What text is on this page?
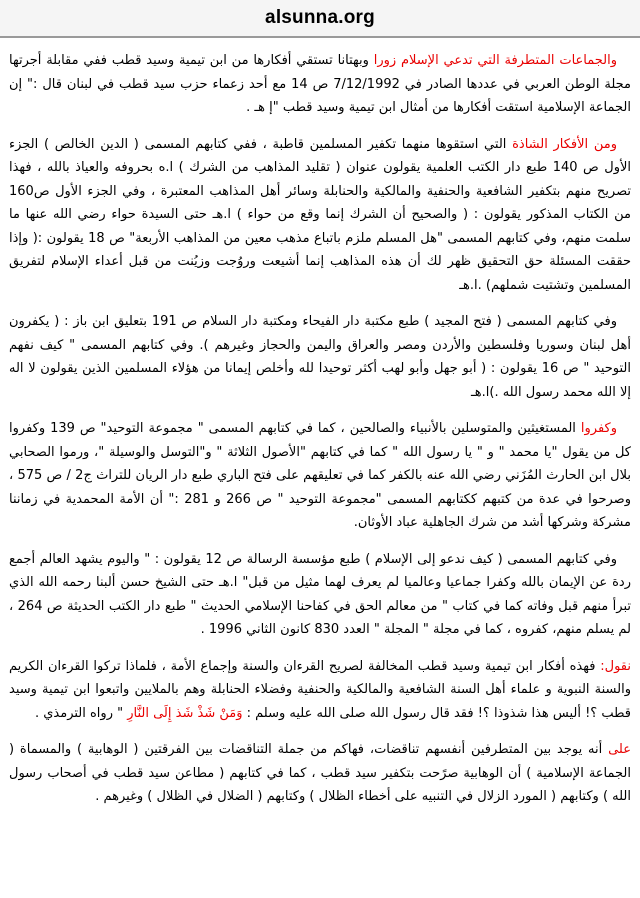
alsunna.org

والجماعات المتطرفة التي تدعي الإسلام زورا وبهتانا تستقي أفكارها من ابن تيمية وسيد قطب ففي مقابلة أجرتها مجلة الوطن العربي في عددها الصادر في 7/12/1992 ص 14 مع أحد زعماء حزب سيد قطب في لبنان قال :" إن الجماعة الإسلامية استقت أفكارها من أمثال ابن تيمية وسيد قطب "إ هـ .

ومن الأفكار الشاذة التي استقوها منهما تكفير المسلمين قاطبة ، ففي كتابهم المسمى ( الدين الخالص ) الجزء الأول ص 140 طبع دار الكتب العلمية يقولون عنوان ( تقليد المذاهب من الشرك ) ا.ه بحروفه والعياذ بالله ، فهذا تصريح منهم بتكفير الشافعية والحنفية والمالكية والحنابلة وسائر أهل المذاهب المعتبرة ، وفي الجزء الأول ص160 من الكتاب المذكور يقولون : ( والصحيح أن الشرك إنما وقع من حواء ) ا.هـ حتى السيدة حواء رضي الله عنها ما سلمت منهم، وفي كتابهم المسمى "هل المسلم ملزم باتباع مذهب معين من المذاهب الأربعة" ص 18 يقولون :( وإذا حققت المسئلة حق التحقيق ظهر لك أن هذه المذاهب إنما أشيعت وروُجت وزيُنت من قبل أعداء الإسلام لتفريق المسلمين وتشتيت شملهم) .ا.هـ

وفي كتابهم المسمى ( فتح المجيد ) طبع مكتبة دار الفيحاء ومكتبة دار السلام ص 191 بتعليق ابن باز : ( يكفرون أهل لبنان وسوريا وفلسطين والأردن ومصر والعراق واليمن والحجاز وغيرهم ). وفي كتابهم المسمى " كيف نفهم التوحيد " ص 16 يقولون : ( أبو جهل وأبو لهب أكثر توحيدا لله وأخلص إيمانا من هؤلاء المسلمين الذين يقولون لا اله إلا الله محمد رسول الله .)ا.هـ

وكفروا المستغيثين والمتوسلين بالأنبياء والصالحين ، كما في كتابهم المسمى " مجموعة التوحيد" ص 139 وكفروا كل من يقول "يا محمد " و " يا رسول الله " كما في كتابهم "الأصول الثلاثة " و"التوسل والوسيلة "، ورموا الصحابي بلال ابن الحارث المُزَني رضي الله عنه بالكفر كما في تعليقهم على فتح الباري طبع دار الريان للتراث ج2 / ص 575 ، وصرحوا في عدة من كتبهم ككتابهم المسمى "مجموعة التوحيد " ص 266 و 281 :" أن الأمة المحمدية في زماننا مشركة وشركها أشد من شرك الجاهلية عباد الأوثان.

وفي كتابهم المسمى ( كيف ندعو إلى الإسلام ) طبع مؤسسة الرسالة ص 12 يقولون : " واليوم يشهد العالم أجمع ردة عن الإيمان بالله وكفرا جماعيا وعالميا لم يعرف لهما مثيل من قبل" ا.هـ حتى الشيخ حسن ألبنا رحمه الله الذي تبرأ منهم قبل وفاته كما في كتاب " من معالم الحق في كفاحنا الإسلامي الحديث " طبع دار الكتب الحديثة ص 264 ، لم يسلم منهم، كفروه ، كما في مجلة " المجلة " العدد 830 كانون الثاني 1996 .

نقول: فهذه أفكار ابن تيمية وسيد قطب المخالفة لصريح القرءان والسنة وإجماع الأمة ، فلماذا تركوا القرءان الكريم والسنة النبوية و علماء أهل السنة الشافعية والمالكية والحنفية وفضلاء الحنابلة وهم بالملايين واتبعوا ابن تيمية وسيد قطب ؟! أليس هذا شذوذا ؟! فقد قال رسول الله صلى الله عليه وسلم : وَمَنْ شَذْ شَذ إِلَى النَّارِ " رواه الترمذي .

على أنه يوجد بين المتطرفين أنفسهم تناقضات، فهاكم من جملة التناقضات بين الفرقتين ( الوهابية ) والمسماة ( الجماعة الإسلامية ) أن الوهابية صرًحت بتكفير سيد قطب ، كما في كتابهم ( مطاعن سيد قطب في أصحاب رسول الله ) وكتابهم ( المورد الزلال في التنبيه على أخطاء الظلال ) وكتابهم ( الضلال في الظلال ) وغيرهم .
